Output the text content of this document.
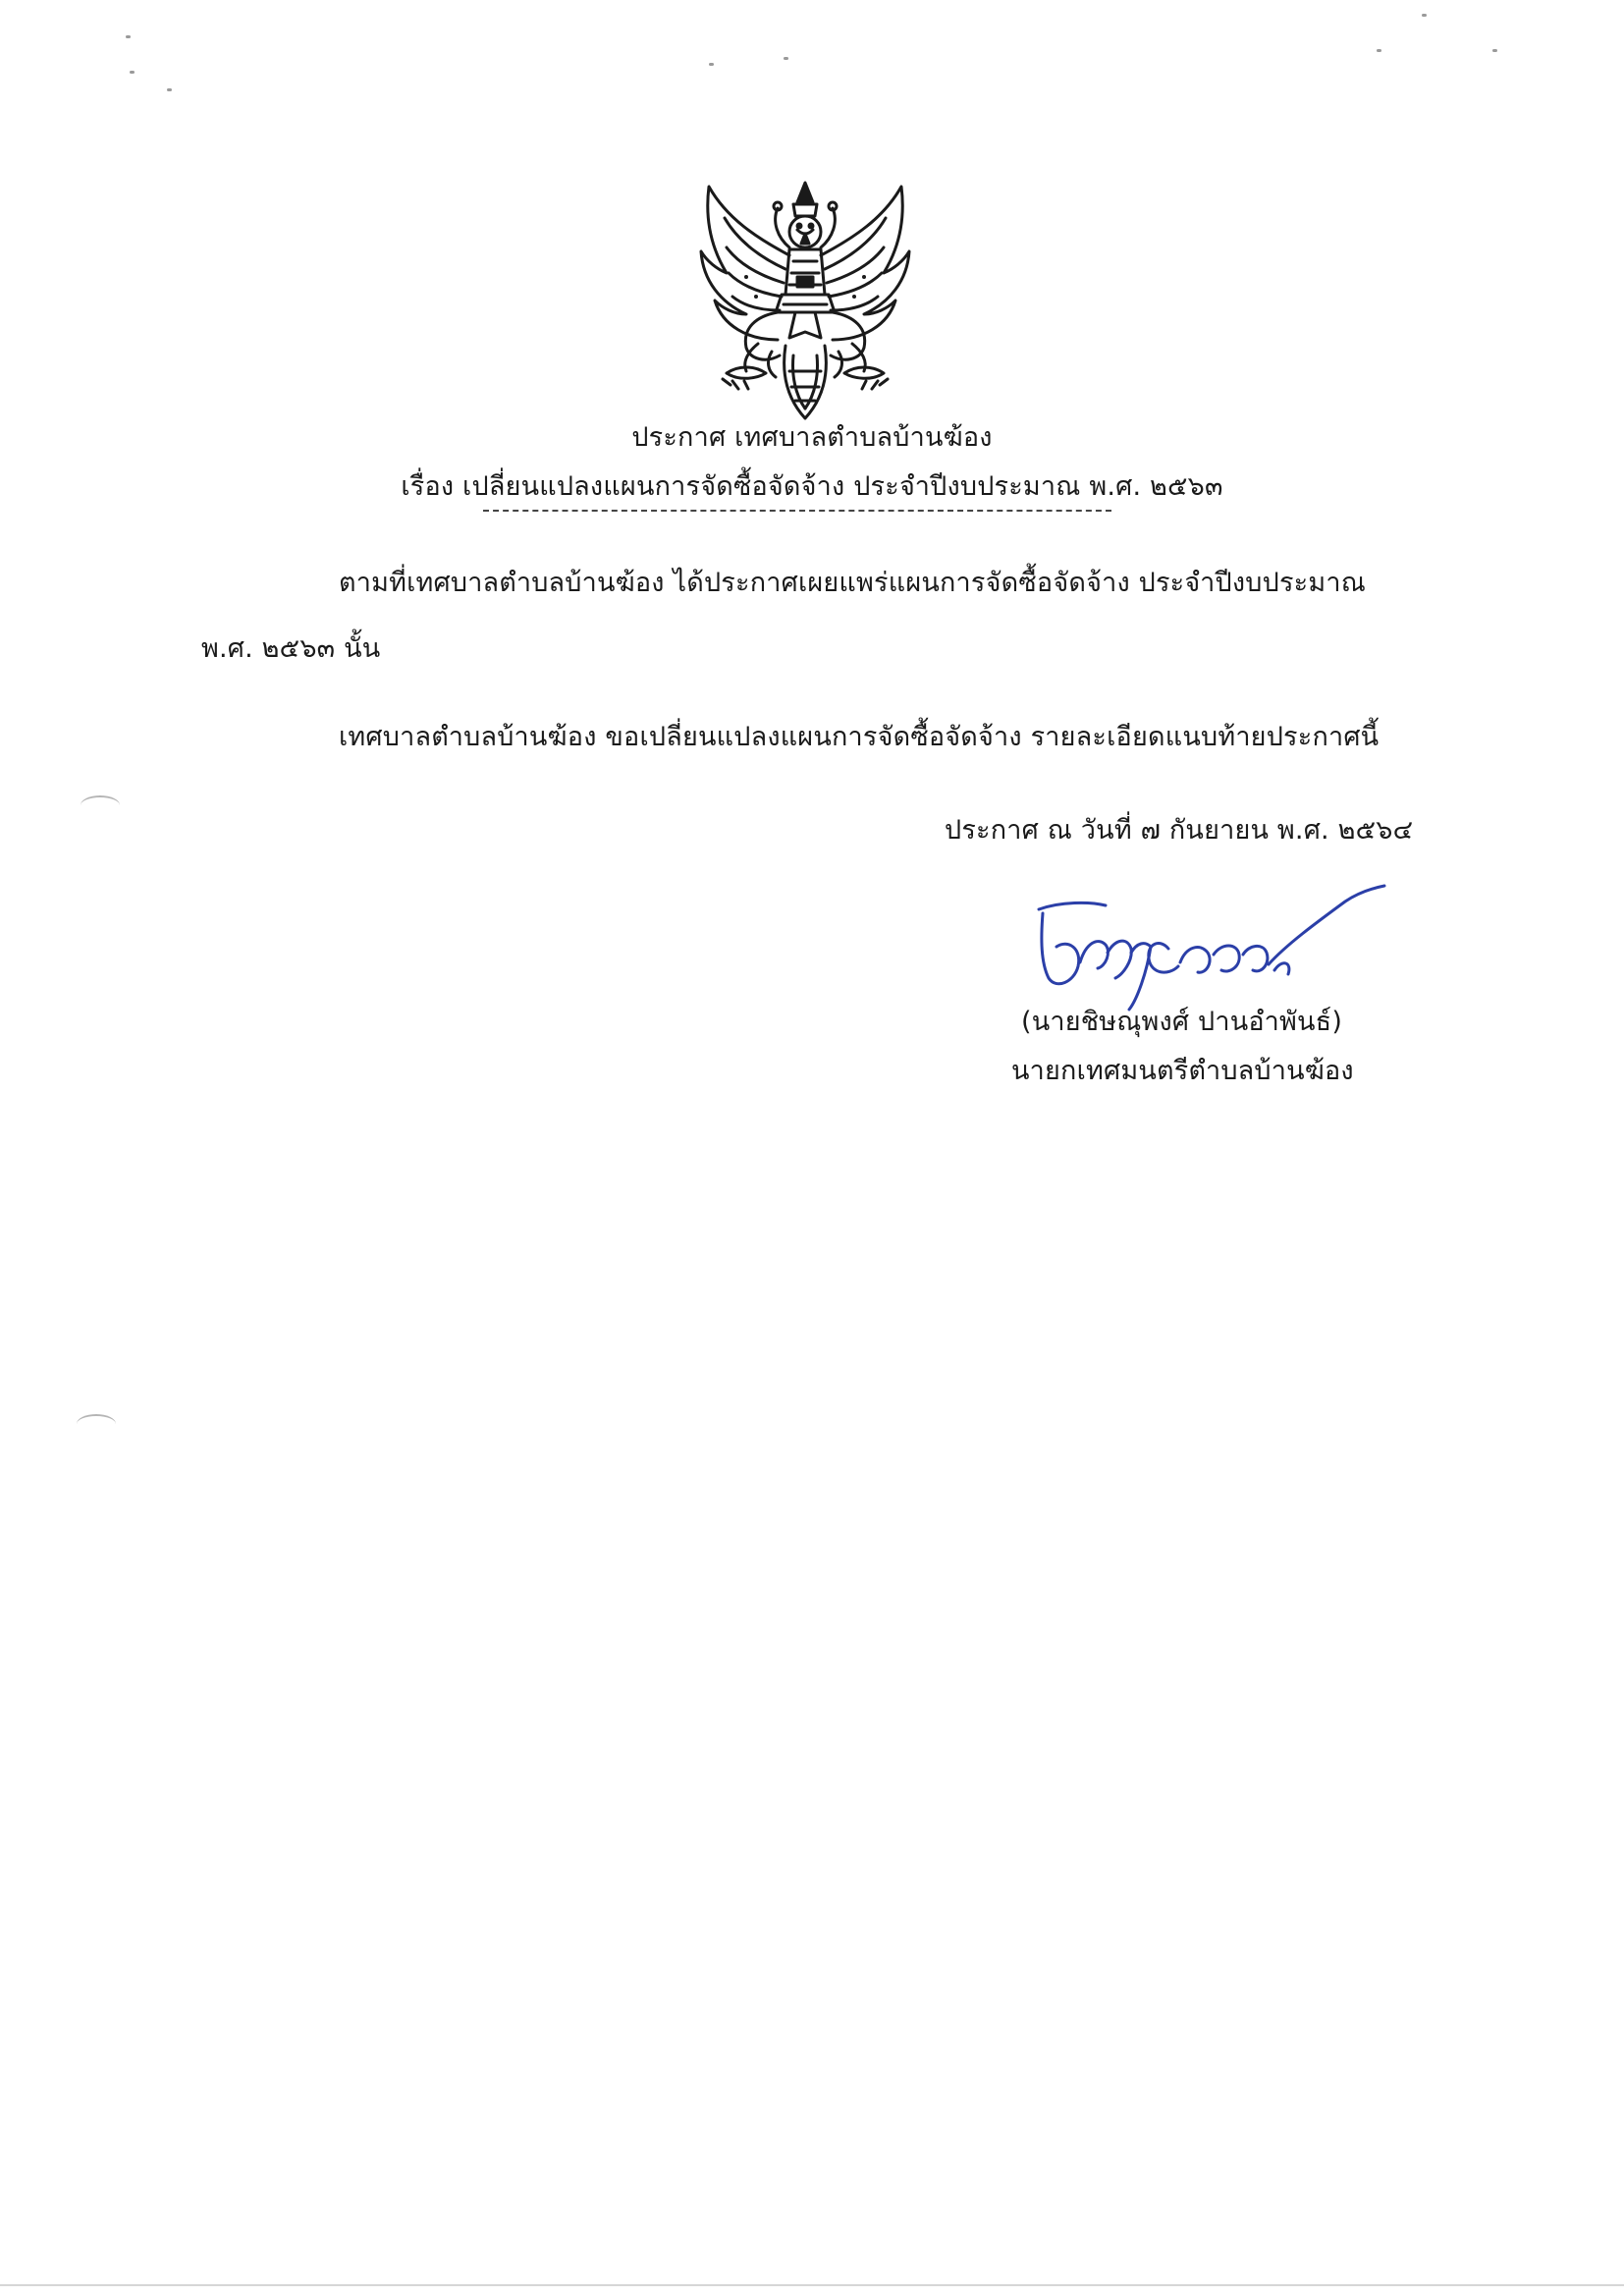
ประกาศ เทศบาลตำบลบ้านฆ้อง
เรื่อง เปลี่ยนแปลงแผนการจัดซื้อจัดจ้าง ประจำปีงบประมาณ พ.ศ. ๒๕๖๓
ตามที่เทศบาลตำบลบ้านฆ้อง ได้ประกาศเผยแพร่แผนการจัดซื้อจัดจ้าง ประจำปีงบประมาณ
พ.ศ. ๒๕๖๓ นั้น
เทศบาลตำบลบ้านฆ้อง ขอเปลี่ยนแปลงแผนการจัดซื้อจัดจ้าง รายละเอียดแนบท้ายประกาศนี้
ประกาศ ณ วันที่ ๗ กันยายน พ.ศ. ๒๕๖๔
(นายชิษณุพงศ์ ปานอำพันธ์)
นายกเทศมนตรีตำบลบ้านฆ้อง
